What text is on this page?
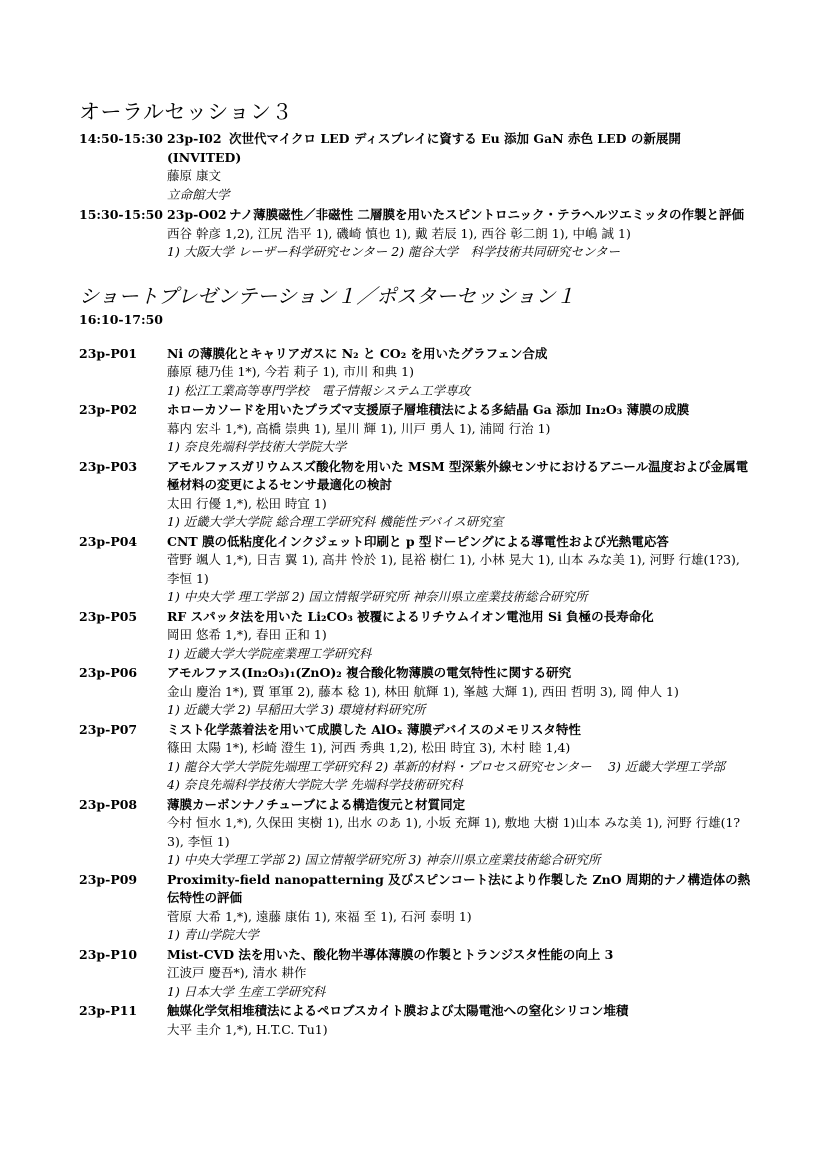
オーラルセッション３
14:50-15:30 23p-I02 次世代マイクロ LED ディスプレイに資する Eu 添加 GaN 赤色 LED の新展開　(INVITED)
藤原 康文
立命館大学
15:30-15:50 23p-O02 ナノ薄膜磁性／非磁性 二層膜を用いたスピントロニック・テラヘルツエミッタの作製と評価
西谷 幹彦 1,2), 江尻 浩平 1), 磯崎 慎也 1), 戴 若辰 1), 西谷 彰二朗 1), 中嶋 誠 1)
1) 大阪大学 レーザー科学研究センター 2) 龍谷大学　科学技術共同研究センター
ショートプレゼンテーション１／ポスターセッション１
16:10-17:50
23p-P01	Ni の薄膜化とキャリアガスに N₂ と CO₂ を用いたグラフェン合成
藤原 穂乃佳 1*), 今若 莉子 1), 市川 和典 1)
1) 松江工業高等専門学校　電子情報システム工学専攻
23p-P02	ホローカソードを用いたプラズマ支援原子層堆積法による多結晶 Ga 添加 In₂O₃ 薄膜の成膜
幕内 宏斗 1,*), 高橋 崇典 1), 星川 輝 1), 川戸 勇人 1), 浦岡 行治 1)
1) 奈良先端科学技術大学院大学
23p-P03	アモルファスガリウムスズ酸化物を用いた MSM 型深紫外線センサにおけるアニール温度および金属電極材料の変更によるセンサ最適化の検討
太田 行優 1,*), 松田 時宜 1)
1) 近畿大学大学院 総合理工学研究科 機能性デバイス研究室
23p-P04	CNT 膜の低粘度化インクジェット印刷と p 型ドーピングによる導電性および光熱電応答
菅野 颯人 1,*), 日吉 翼 1), 高井 怜於 1), 昆裕 樹仁 1), 小林 晃大 1), 山本 みな美 1), 河野 行雄(1?3), 李恒 1)
1) 中央大学 理工学部 2) 国立情報学研究所 神奈川県立産業技術総合研究所
23p-P05	RF スパッタ法を用いた Li₂CO₃ 被覆によるリチウムイオン電池用 Si 負極の長寿命化
岡田 悠希 1,*), 春田 正和 1)
1) 近畿大学大学院産業理工学研究科
23p-P06	アモルファス(In₂O₃)₁(ZnO)₂ 複合酸化物薄膜の電気特性に関する研究
金山 慶治 1*), 賈 軍軍 2), 藤本 稔 1), 林田 航輝 1), 峯越 大輝 1), 西田 哲明 3), 岡 伸人 1)
1) 近畿大学 2) 早稲田大学 3) 環境材料研究所
23p-P07	ミスト化学蒸着法を用いて成膜した AlOₓ 薄膜デバイスのメモリスタ特性
篠田 太陽 1*), 杉崎 澄生 1), 河西 秀典 1,2), 松田 時宜 3), 木村 睦 1,4)
1) 龍谷大学大学院先端理工学研究科 2) 革新的材料・プロセス研究センター　 3) 近畿大学理工学部　 4) 奈良先端科学技術大学院大学 先端科学技術研究科
23p-P08	薄膜カーボンナノチューブによる構造復元と材質同定
今村 恒水 1,*), 久保田 実樹 1), 出水 のあ 1), 小坂 充輝 1), 敷地 大樹 1)山本 みな美 1), 河野 行雄(1?3), 李恒 1)
1) 中央大学理工学部 2) 国立情報学研究所 3) 神奈川県立産業技術総合研究所
23p-P09	Proximity-field nanopatterning 及びスピンコート法により作製した ZnO 周期的ナノ構造体の熱伝特性の評価
菅原 大希 1,*), 遠藤 康佑 1), 來福 至 1), 石河 泰明 1)
1) 青山学院大学
23p-P10	Mist-CVD 法を用いた、酸化物半導体薄膜の作製とトランジスタ性能の向上 3
江波戸 慶吾*), 清水 耕作
1) 日本大学 生産工学研究科
23p-P11	触媒化学気相堆積法によるペロブスカイト膜および太陽電池への窒化シリコン堆積
大平 圭介 1,*), H.T.C. Tu1)
